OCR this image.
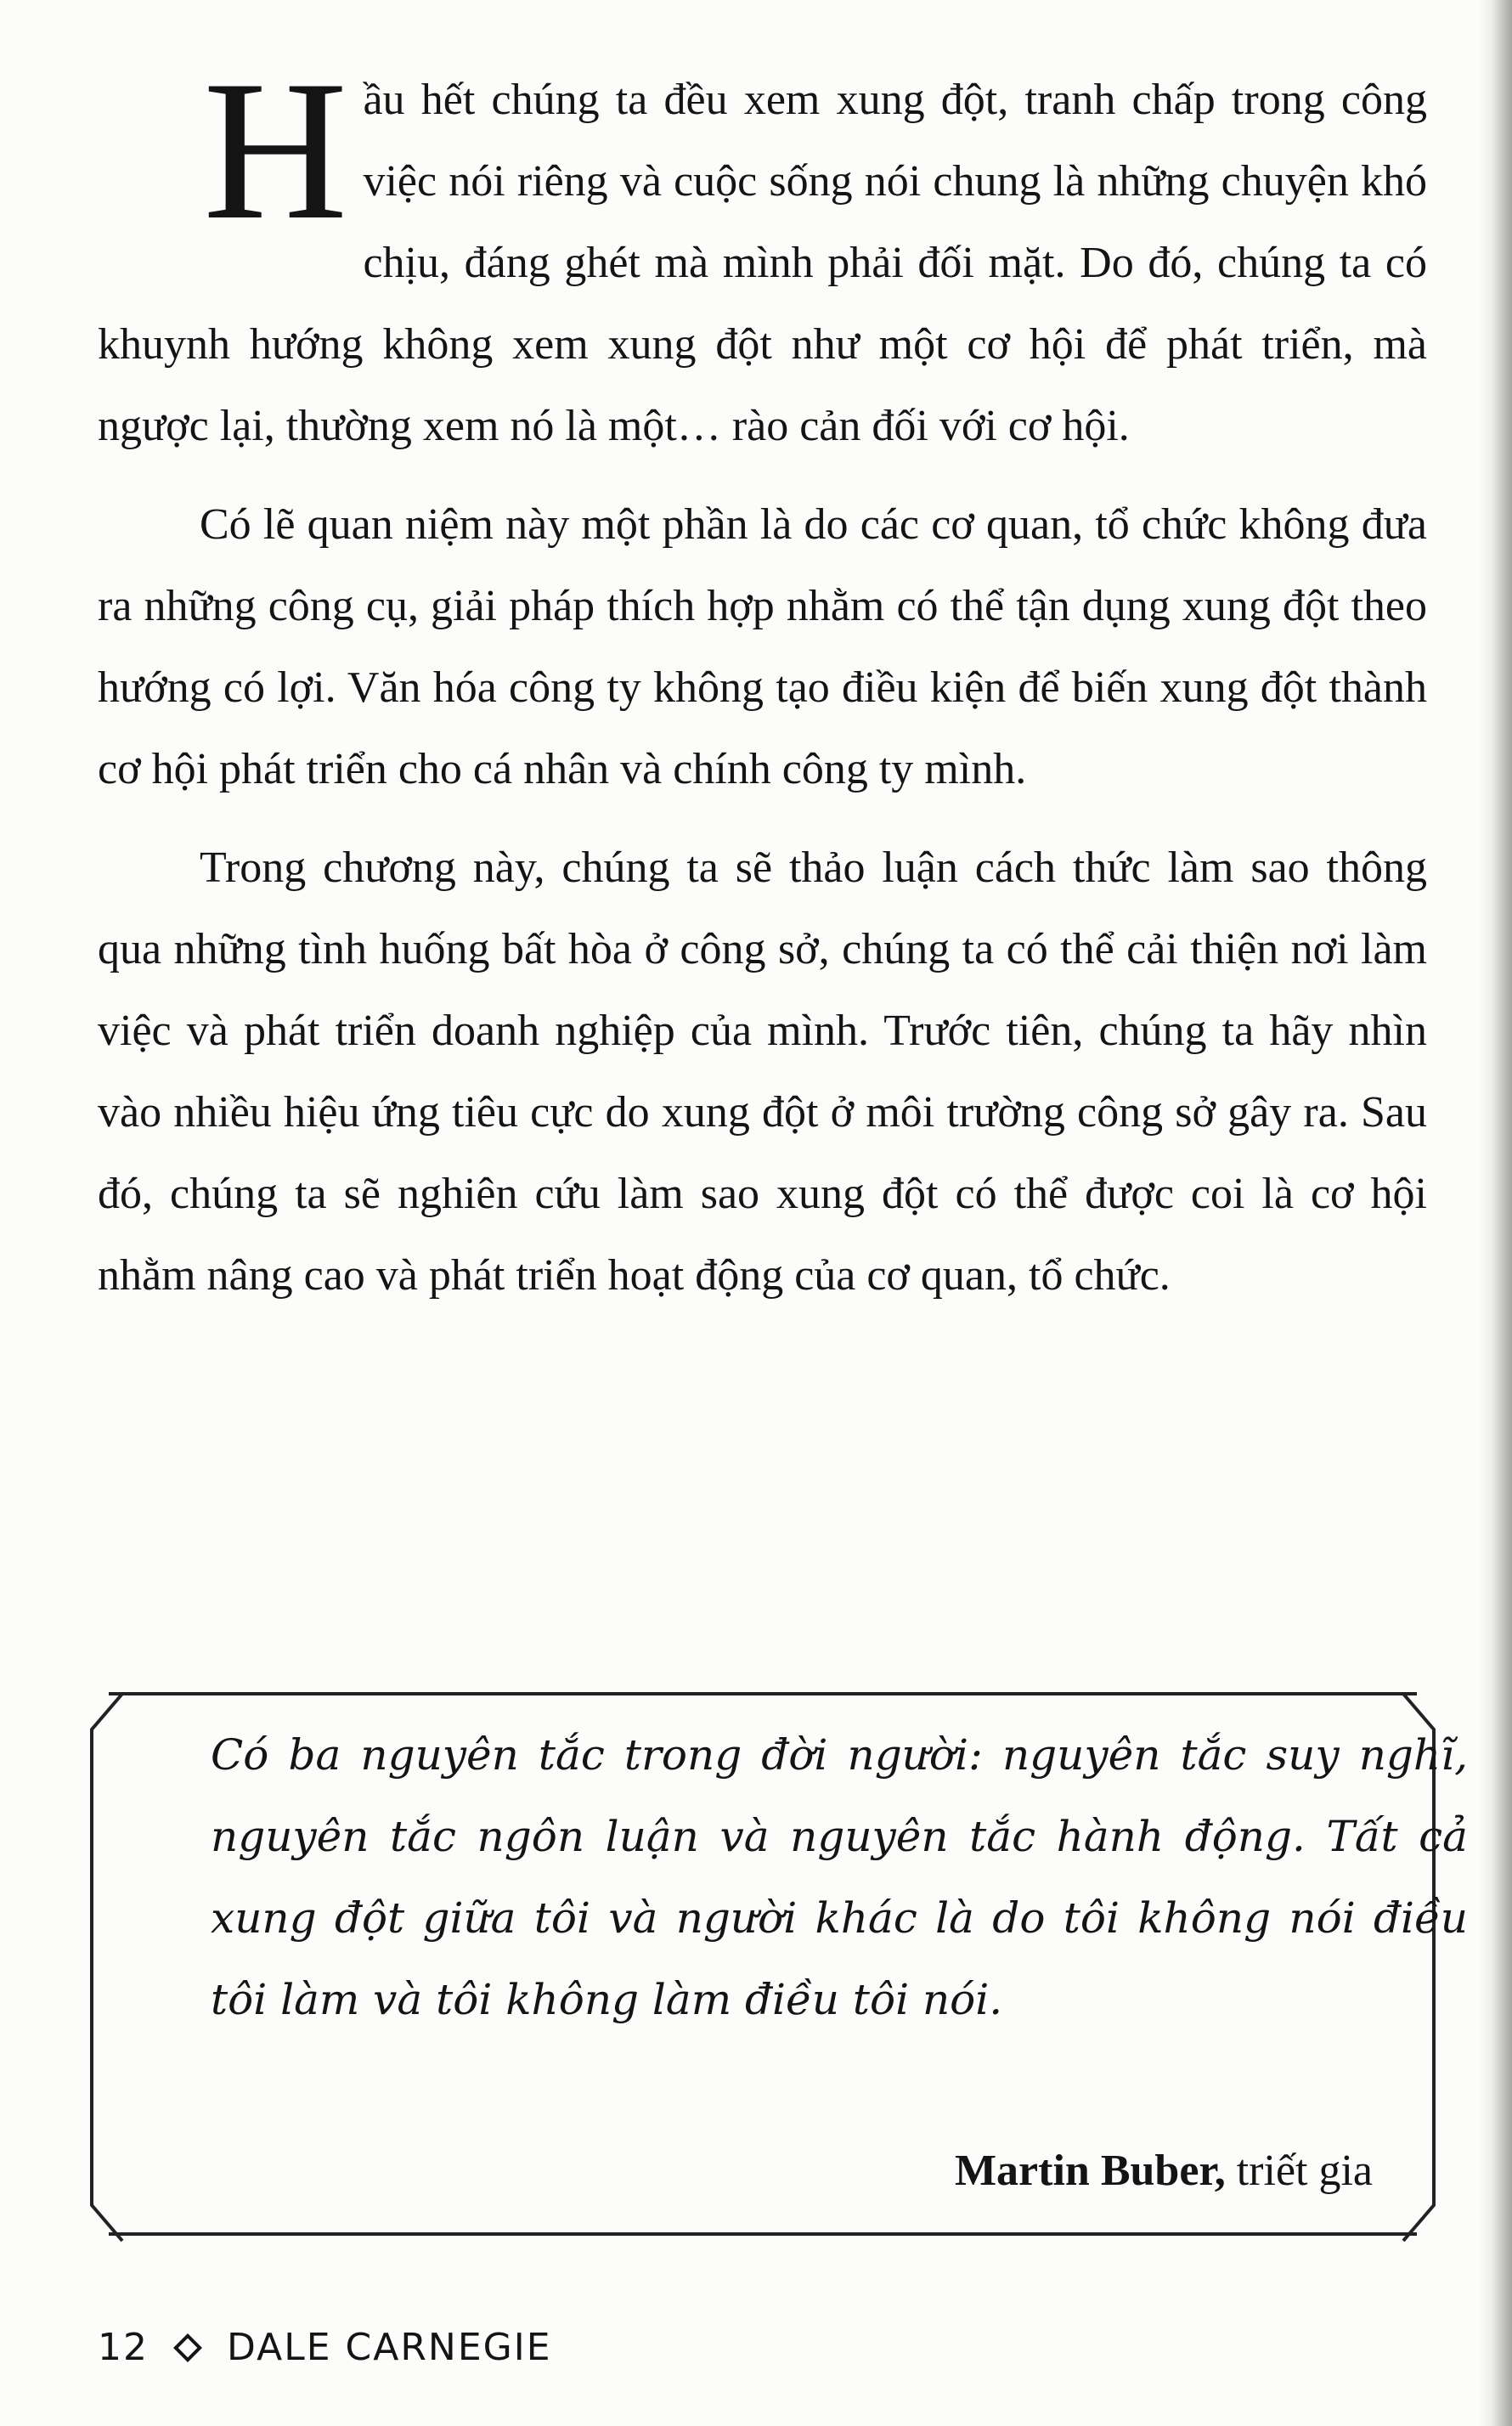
Hầu hết chúng ta đều xem xung đột, tranh chấp trong công việc nói riêng và cuộc sống nói chung là những chuyện khó chịu, đáng ghét mà mình phải đối mặt. Do đó, chúng ta có khuynh hướng không xem xung đột như một cơ hội để phát triển, mà ngược lại, thường xem nó là một… rào cản đối với cơ hội.

Có lẽ quan niệm này một phần là do các cơ quan, tổ chức không đưa ra những công cụ, giải pháp thích hợp nhằm có thể tận dụng xung đột theo hướng có lợi. Văn hóa công ty không tạo điều kiện để biến xung đột thành cơ hội phát triển cho cá nhân và chính công ty mình.

Trong chương này, chúng ta sẽ thảo luận cách thức làm sao thông qua những tình huống bất hòa ở công sở, chúng ta có thể cải thiện nơi làm việc và phát triển doanh nghiệp của mình. Trước tiên, chúng ta hãy nhìn vào nhiều hiệu ứng tiêu cực do xung đột ở môi trường công sở gây ra. Sau đó, chúng ta sẽ nghiên cứu làm sao xung đột có thể được coi là cơ hội nhằm nâng cao và phát triển hoạt động của cơ quan, tổ chức.

Có ba nguyên tắc trong đời người: nguyên tắc suy nghĩ, nguyên tắc ngôn luận và nguyên tắc hành động. Tất cả xung đột giữa tôi và người khác là do tôi không nói điều tôi làm và tôi không làm điều tôi nói.
Martin Buber, triết gia
12 DALE CARNEGIE
